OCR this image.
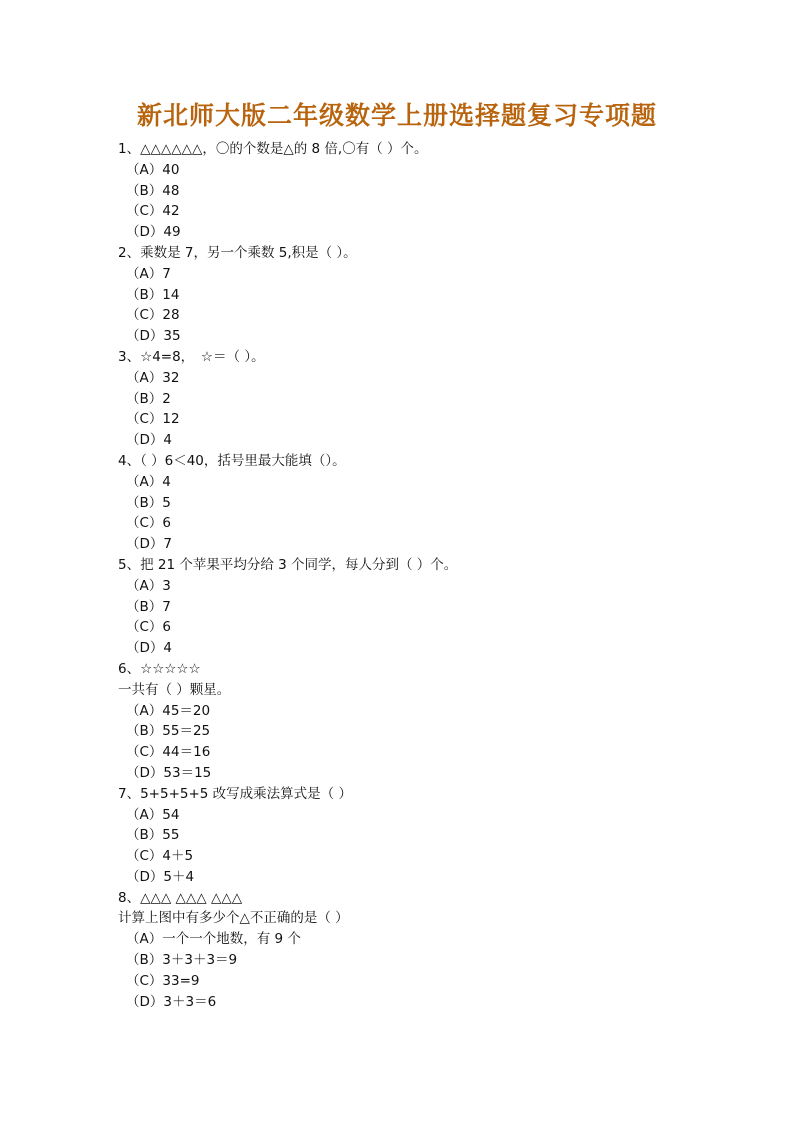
新北师大版二年级数学上册选择题复习专项题
1、△△△△△△，〇的个数是△的 8 倍,〇有（ ）个。
（A）40
（B）48
（C）42
（D）49
2、乘数是 7，另一个乘数 5,积是（ ）。
（A）7
（B）14
（C）28
（D）35
3、☆4=8，　☆＝（ ）。
（A）32
（B）2
（C）12
（D）4
4、（ ）6＜40，括号里最大能填（）。
（A）4
（B）5
（C）6
（D）7
5、把 21 个苹果平均分给 3 个同学，每人分到（ ）个。
（A）3
（B）7
（C）6
（D）4
6、☆☆☆☆☆
一共有（ ）颗星。
（A）45＝20
（B）55＝25
（C）44＝16
（D）53＝15
7、5+5+5+5 改写成乘法算式是（ ）
（A）54
（B）55
（C）4＋5
（D）5＋4
8、△△△ △△△ △△△
计算上图中有多少个△不正确的是（ ）
（A）一个一个地数，有 9 个
（B）3＋3＋3＝9
（C）33=9
（D）3＋3＝6
